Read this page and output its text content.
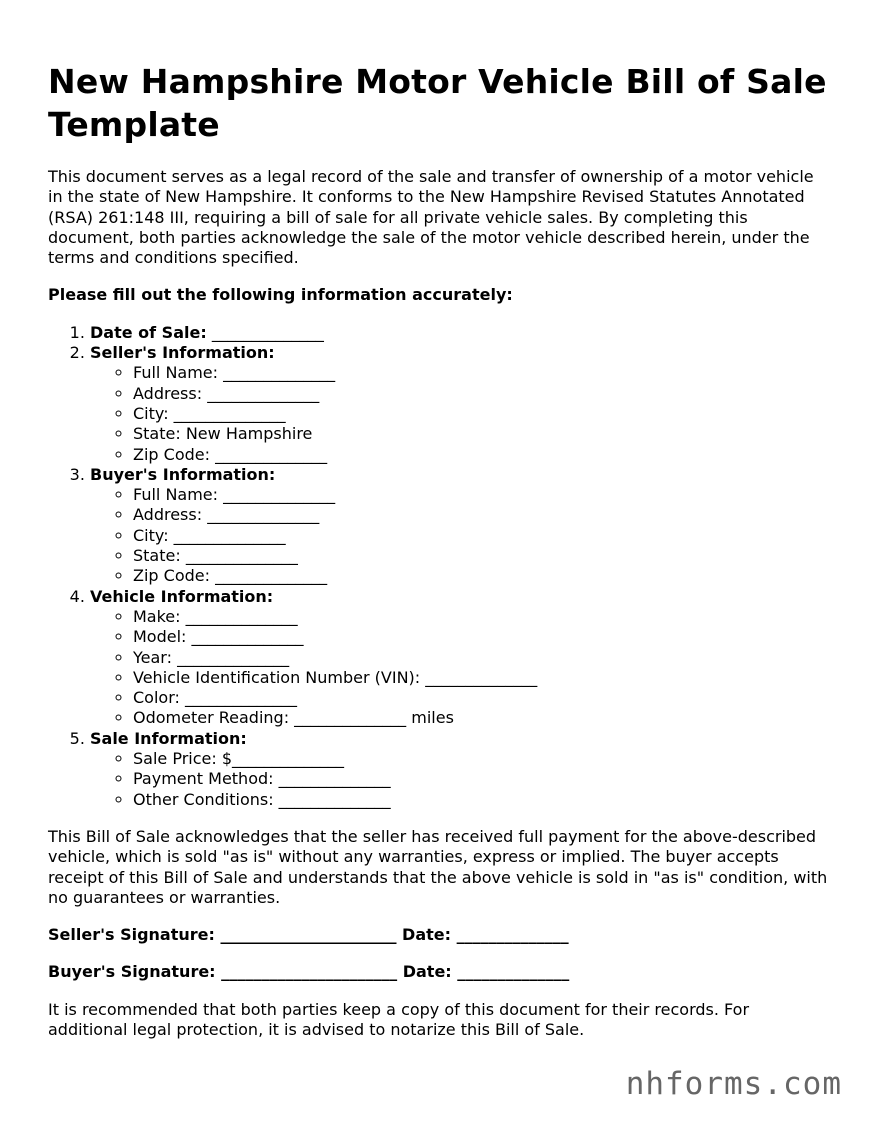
New Hampshire Motor Vehicle Bill of Sale Template

This document serves as a legal record of the sale and transfer of ownership of a motor vehicle in the state of New Hampshire. It conforms to the New Hampshire Revised Statutes Annotated (RSA) 261:148 III, requiring a bill of sale for all private vehicle sales. By completing this document, both parties acknowledge the sale of the motor vehicle described herein, under the terms and conditions specified.

Please fill out the following information accurately:

1. Date of Sale: ______________
2. Seller's Information:
◦ Full Name: ______________
◦ Address: ______________
◦ City: ______________
◦ State: New Hampshire
◦ Zip Code: ______________
3. Buyer's Information:
◦ Full Name: ______________
◦ Address: ______________
◦ City: ______________
◦ State: ______________
◦ Zip Code: ______________
4. Vehicle Information:
◦ Make: ______________
◦ Model: ______________
◦ Year: ______________
◦ Vehicle Identification Number (VIN): ______________
◦ Color: ______________
◦ Odometer Reading: ______________ miles
5. Sale Information:
◦ Sale Price: $______________
◦ Payment Method: ______________
◦ Other Conditions: ______________

This Bill of Sale acknowledges that the seller has received full payment for the above-described vehicle, which is sold "as is" without any warranties, express or implied. The buyer accepts receipt of this Bill of Sale and understands that the above vehicle is sold in "as is" condition, with no guarantees or warranties.

Seller's Signature: ______________________ Date: ______________

Buyer's Signature: ______________________ Date: ______________

It is recommended that both parties keep a copy of this document for their records. For additional legal protection, it is advised to notarize this Bill of Sale.

nhforms.com
